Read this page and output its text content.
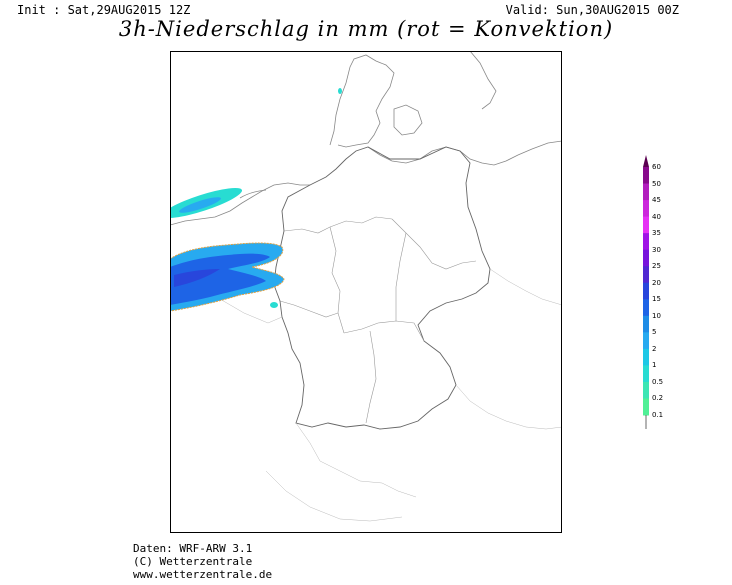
Init : Sat,29AUG2015 12Z	Valid: Sun,30AUG2015 00Z
3h-Niederschlag in mm (rot = Konvektion)
60
50
45
40
35
30
25
20
15
10
5
2
1
0.5
0.2
0.1
Daten: WRF-ARW 3.1
(C) Wetterzentrale
www.wetterzentrale.de
